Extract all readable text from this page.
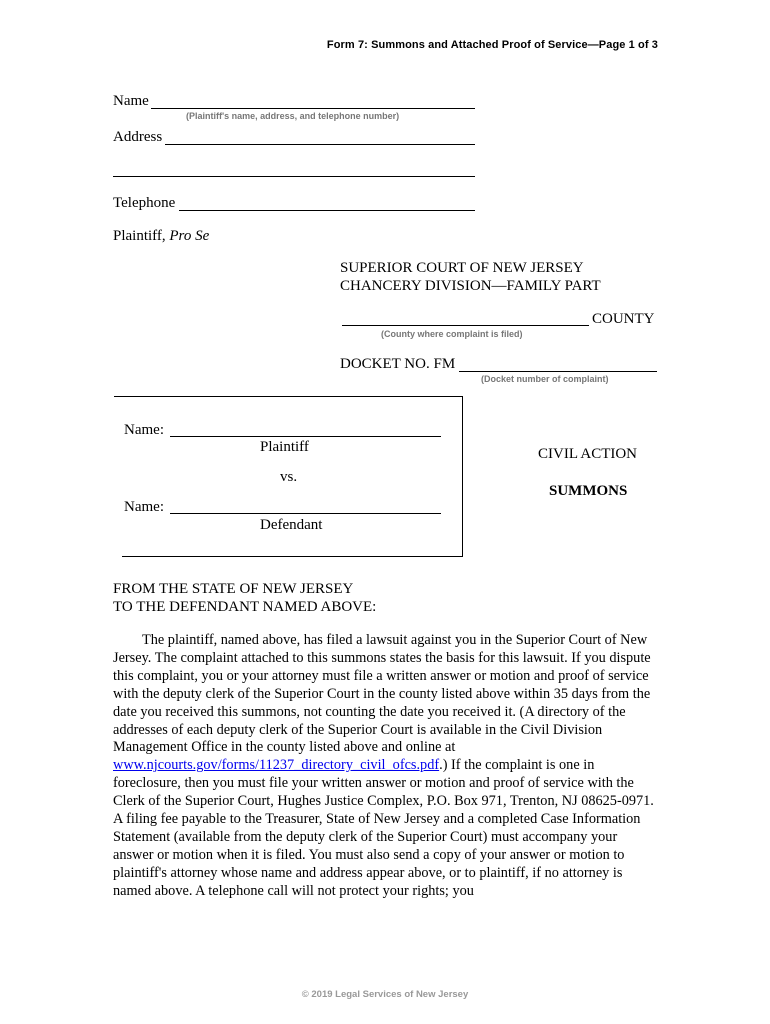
Form 7: Summons and Attached Proof of Service—Page 1 of 3
Name
(Plaintiff's name, address, and telephone number)
Address
Telephone
Plaintiff, Pro Se
SUPERIOR COURT OF NEW JERSEY
CHANCERY DIVISION—FAMILY PART
COUNTY
(County where complaint is filed)
DOCKET NO. FM
(Docket number of complaint)
Name:
Plaintiff
vs.
Name:
Defendant
CIVIL ACTION
SUMMONS
FROM THE STATE OF NEW JERSEY
TO THE DEFENDANT NAMED ABOVE:

The plaintiff, named above, has filed a lawsuit against you in the Superior Court of New Jersey. The complaint attached to this summons states the basis for this lawsuit. If you dispute this complaint, you or your attorney must file a written answer or motion and proof of service with the deputy clerk of the Superior Court in the county listed above within 35 days from the date you received this summons, not counting the date you received it. (A directory of the addresses of each deputy clerk of the Superior Court is available in the Civil Division Management Office in the county listed above and online at www.njcourts.gov/forms/11237_directory_civil_ofcs.pdf.) If the complaint is one in foreclosure, then you must file your written answer or motion and proof of service with the Clerk of the Superior Court, Hughes Justice Complex, P.O. Box 971, Trenton, NJ 08625-0971. A filing fee payable to the Treasurer, State of New Jersey and a completed Case Information Statement (available from the deputy clerk of the Superior Court) must accompany your answer or motion when it is filed. You must also send a copy of your answer or motion to plaintiff's attorney whose name and address appear above, or to plaintiff, if no attorney is named above. A telephone call will not protect your rights; you

© 2019 Legal Services of New Jersey
